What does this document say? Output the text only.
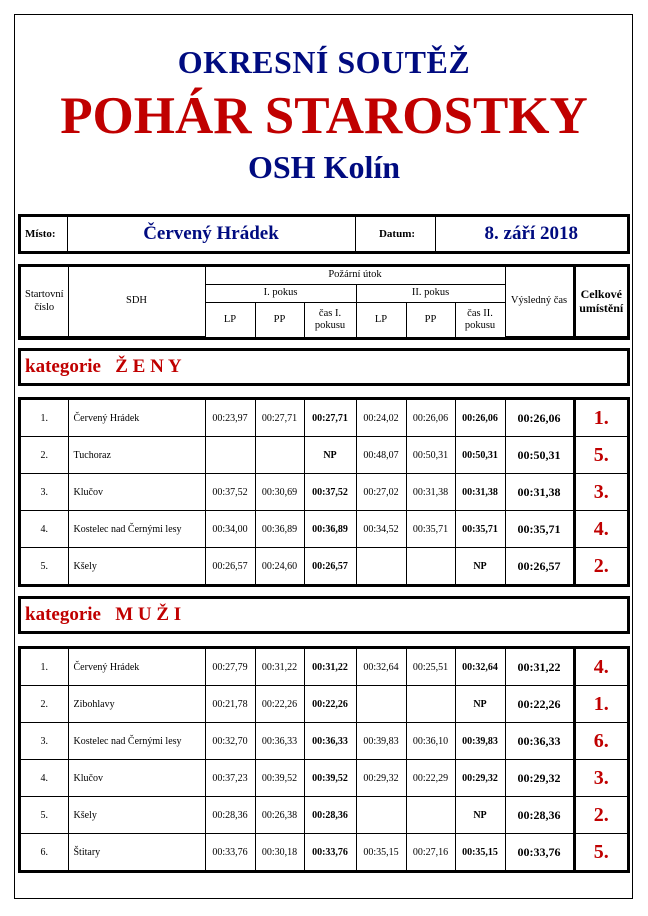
OKRESNÍ SOUTĚŽ
POHÁR STAROSTKY
OSH Kolín
Místo:	Červený Hrádek	Datum:	8. září 2018
Startovní číslo	SDH	Požární útok						Výsledný čas	Celkové umístění
		I. pokus			II. pokus				
		LP	PP	čas I. pokusu	LP	PP	čas II. pokusu		
kategorie   Ž E N Y
1.	Červený Hrádek	00:23,97	00:27,71	00:27,71	00:24,02	00:26,06	00:26,06	00:26,06	1.
2.	Tuchoraz			NP	00:48,07	00:50,31	00:50,31	00:50,31	5.
3.	Klučov	00:37,52	00:30,69	00:37,52	00:27,02	00:31,38	00:31,38	00:31,38	3.
4.	Kostelec nad Černými lesy	00:34,00	00:36,89	00:36,89	00:34,52	00:35,71	00:35,71	00:35,71	4.
5.	Kšely	00:26,57	00:24,60	00:26,57			NP	00:26,57	2.
kategorie   M U Ž I
1.	Červený Hrádek	00:27,79	00:31,22	00:31,22	00:32,64	00:25,51	00:32,64	00:31,22	4.
2.	Zibohlavy	00:21,78	00:22,26	00:22,26			NP	00:22,26	1.
3.	Kostelec nad Černými lesy	00:32,70	00:36,33	00:36,33	00:39,83	00:36,10	00:39,83	00:36,33	6.
4.	Klučov	00:37,23	00:39,52	00:39,52	00:29,32	00:22,29	00:29,32	00:29,32	3.
5.	Kšely	00:28,36	00:26,38	00:28,36			NP	00:28,36	2.
6.	Štitary	00:33,76	00:30,18	00:33,76	00:35,15	00:27,16	00:35,15	00:33,76	5.
